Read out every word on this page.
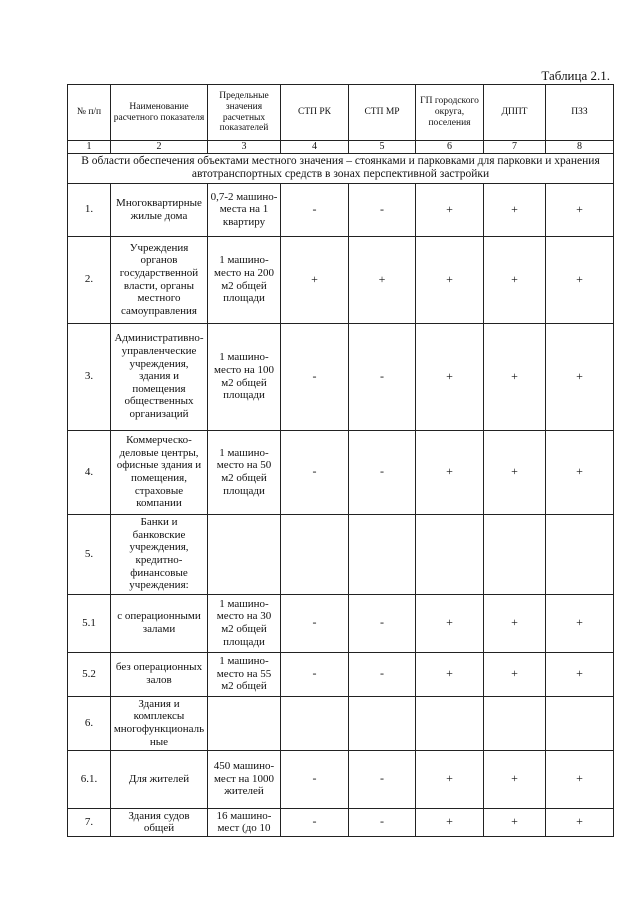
Таблица 2.1.
№ п/п	Наименование расчетного показателя	Предельные значения расчетных показателей	СТП РК	СТП МР	ГП городского округа, поселения	ДППТ	ПЗЗ
1	2	3	4	5	6	7	8
В области обеспечения объектами местного значения – стоянками и парковками для парковки и хранения автотранспортных средств в зонах перспективной застройки							
1.	Многоквартирные жилые дома	0,7-2 машино-места на 1 квартиру	-	-	+	+	+
2.	Учреждения органов государственной власти, органы местного самоуправления	1 машино-место на 200 м2 общей площади	+	+	+	+	+
3.	Административно-управленческие учреждения, здания и помещения общественных организаций	1 машино-место на 100 м2 общей площади	-	-	+	+	+
4.	Коммерческо-деловые центры, офисные здания и помещения, страховые компании	1 машино-место на 50 м2 общей площади	-	-	+	+	+
5.	Банки и банковские учреждения, кредитно-финансовые учреждения:						
5.1	с операционными залами	1 машино-место на 30 м2 общей площади	-	-	+	+	+
5.2	без операционных залов	1 машино-место на 55 м2 общей	-	-	+	+	+
6.	Здания и комплексы многофункциональные						
6.1.	Для жителей	450 машино-мест на 1000 жителей	-	-	+	+	+
7.	Здания судов общей	16 машино-мест (до 10	-	-	+	+	+
